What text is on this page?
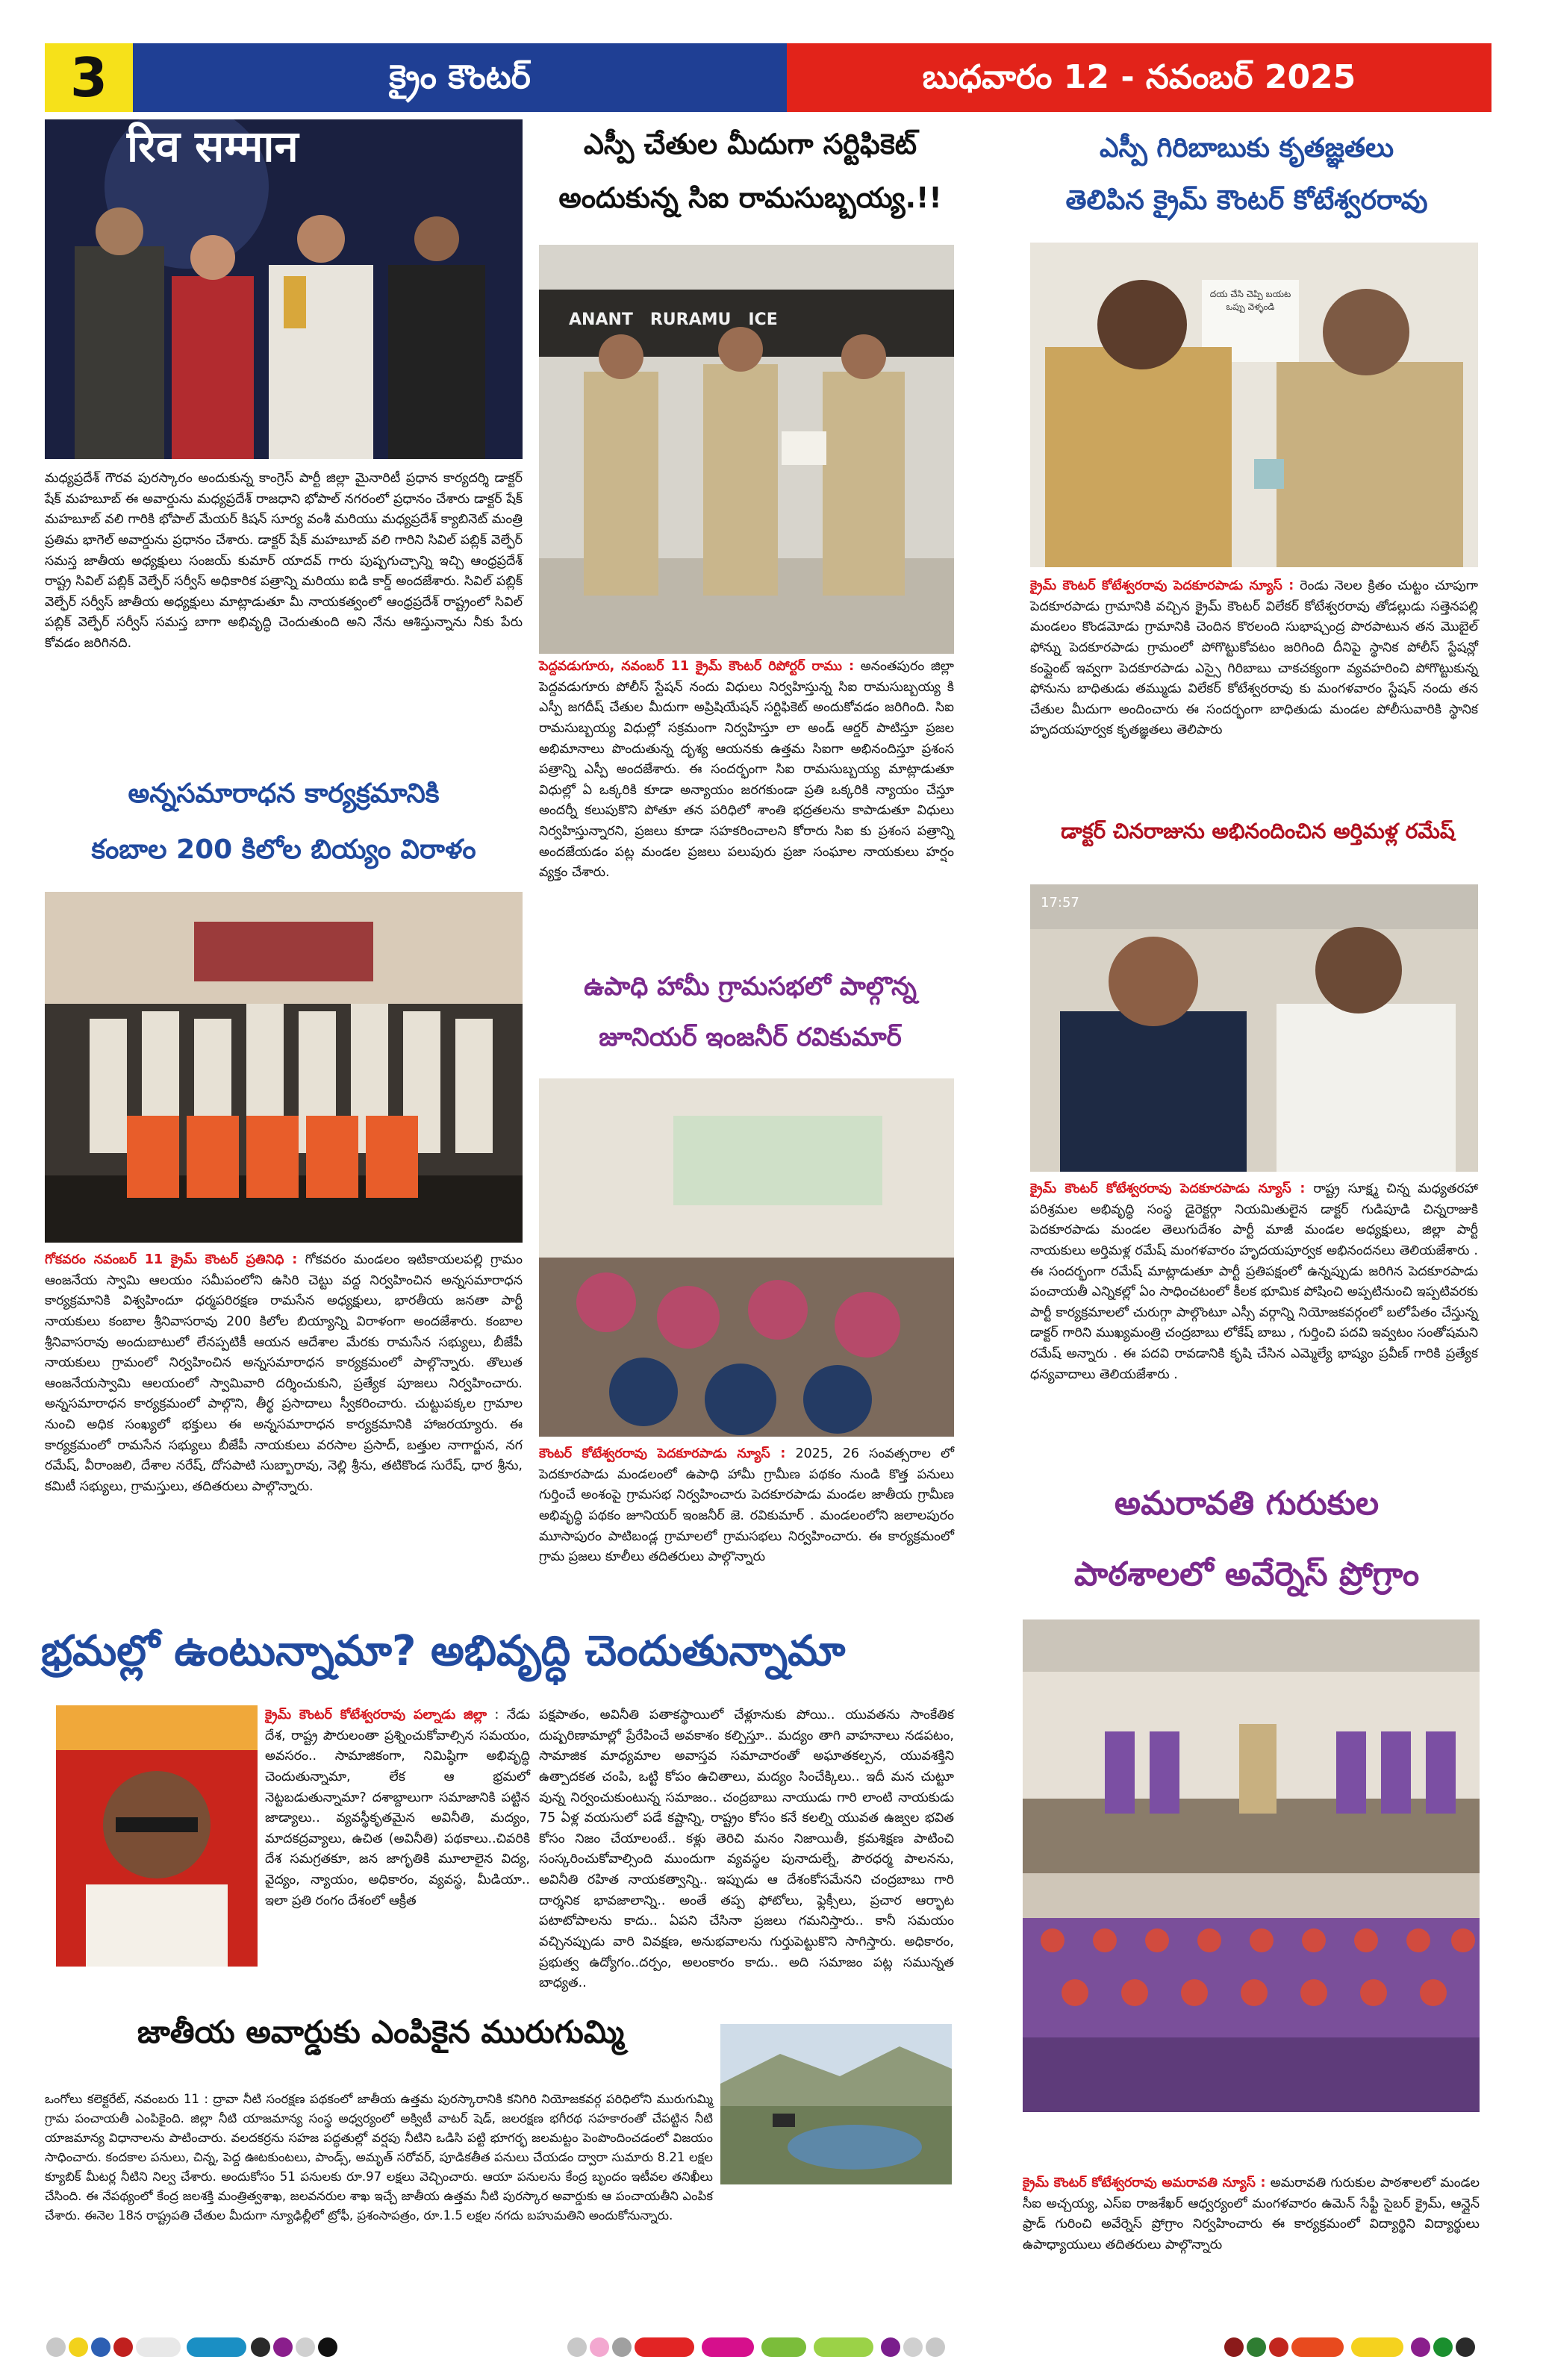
3	క్రైం కౌంటర్	బుధవారం 12 - నవంబర్ 2025
रिव सम्मान
మధ్యప్రదేశ్ గౌరవ పురస్కారం అందుకున్న కాంగ్రెస్ పార్టీ జిల్లా మైనారిటీ ప్రధాన కార్యదర్శి డాక్టర్ షేక్ మహబూబ్ ఈ అవార్డును మధ్యప్రదేశ్ రాజధాని భోపాల్ నగరంలో ప్రధానం చేశారు డాక్టర్ షేక్ మహబూబ్ వలి గారికి భోపాల్ మేయర్ కిషన్ సూర్య వంశీ మరియు మధ్యప్రదేశ్ క్యాబినెట్ మంత్రి ప్రతిమ భాగెల్ అవార్డును ప్రధానం చేశారు. డాక్టర్ షేక్ మహబూబ్ వలి గారిని సివిల్ పబ్లిక్ వెల్ఫేర్ సమస్త జాతీయ అధ్యక్షులు సంజయ్ కుమార్ యాదవ్ గారు పుష్పగుచ్చాన్ని ఇచ్చి ఆంధ్రప్రదేశ్ రాష్ట్ర సివిల్ పబ్లిక్ వెల్ఫేర్ సర్వీస్ అధికారిక పత్రాన్ని మరియు ఐడి కార్డ్ అందజేశారు. సివిల్ పబ్లిక్ వెల్ఫేర్ సర్వీస్ జాతీయ అధ్యక్షులు మాట్లాడుతూ మీ నాయకత్వంలో ఆంధ్రప్రదేశ్ రాష్ట్రంలో సివిల్ పబ్లిక్ వెల్ఫేర్ సర్వీస్ సమస్త బాగా అభివృద్ధి చెందుతుంది అని నేను ఆశిస్తున్నాను నీకు పేరు కోవడం జరిగినది.
అన్నసమారాధన కార్యక్రమానికి
కంబాల 200 కిలోల బియ్యం విరాళం
గోకవరం నవంబర్ 11 క్రైమ్ కౌంటర్ ప్రతినిధి : గోకవరం మండలం ఇటికాయలపల్లి గ్రామం ఆంజనేయ స్వామి ఆలయం సమీపంలోని ఉసిరి చెట్టు వద్ద నిర్వహించిన అన్నసమారాధన కార్యక్రమానికి విశ్వహిందూ ధర్మపరిరక్షణ రామసేన అధ్యక్షులు, భారతీయ జనతా పార్టీ నాయకులు కంబాల శ్రీనివాసరావు 200 కిలోల బియ్యాన్ని విరాళంగా అందజేశారు. కంబాల శ్రీనివాసరావు అందుబాటులో లేనప్పటికీ ఆయన ఆదేశాల మేరకు రామసేన సభ్యులు, బీజేపీ నాయకులు గ్రామంలో నిర్వహించిన అన్నసమారాధన కార్యక్రమంలో పాల్గొన్నారు. తొలుత ఆంజనేయస్వామి ఆలయంలో స్వామివారి దర్శించుకుని, ప్రత్యేక పూజలు నిర్వహించారు. అన్నసమారాధన కార్యక్రమంలో పాల్గొని, తీర్థ ప్రసాదాలు స్వీకరించారు. చుట్టుపక్కల గ్రామాల నుంచి అధిక సంఖ్యలో భక్తులు ఈ అన్నసమారాధన కార్యక్రమానికి హాజరయ్యారు. ఈ కార్యక్రమంలో రామసేన సభ్యులు బీజేపీ నాయకులు వరసాల ప్రసాద్, బత్తుల నాగార్జున, నగ రమేష్, వీరాంజలి, దేశాల నరేష్, దోసపాటి సుబ్బారావు, నెల్లి శ్రీను, తటికొండ సురేష్, ధార శ్రీను, కమిటీ సభ్యులు, గ్రామస్తులు, తదితరులు పాల్గొన్నారు.
ఎస్పీ చేతుల మీదుగా సర్టిఫికెట్
అందుకున్న సిఐ రామసుబ్బయ్య.!!
ANANT   RURAMU   ICE
పెద్దవడుగూరు, నవంబర్ 11 క్రైమ్ కౌంటర్ రిపోర్టర్ రాము : అనంతపురం జిల్లా పెద్దవడుగూరు పోలీస్ స్టేషన్ నందు విధులు నిర్వహిస్తున్న సిఐ రామసుబ్బయ్య కి ఎస్పీ జగదీష్ చేతుల మీదుగా అప్రిషియేషన్ సర్టిఫికెట్ అందుకోవడం జరిగింది. సిఐ రామసుబ్బయ్య విధుల్లో సక్రమంగా నిర్వహిస్తూ లా అండ్ ఆర్డర్ పాటిస్తూ ప్రజల అభిమానాలు పొందుతున్న దృశ్య ఆయనకు ఉత్తమ సిఐగా అభినందిస్తూ ప్రశంస పత్రాన్ని ఎస్పీ అందజేశారు. ఈ సందర్భంగా సిఐ రామసుబ్బయ్య మాట్లాడుతూ విధుల్లో ఏ ఒక్కరికి కూడా అన్యాయం జరగకుండా ప్రతి ఒక్కరికి న్యాయం చేస్తూ అందర్నీ కలుపుకొని పోతూ తన పరిధిలో శాంతి భద్రతలను కాపాడుతూ విధులు నిర్వహిస్తున్నారని, ప్రజలు కూడా సహకరించాలని కోరారు సిఐ కు ప్రశంస పత్రాన్ని అందజేయడం పట్ల మండల ప్రజలు పలుపురు ప్రజా సంఘాల నాయకులు హర్షం వ్యక్తం చేశారు.
ఉపాధి హామీ గ్రామసభలో పాల్గొన్న
జూనియర్ ఇంజనీర్ రవికుమార్
కౌంటర్ కోటేశ్వరరావు పెదకూరపాడు న్యూస్ : 2025, 26 సంవత్సరాల లో పెదకూరపాడు మండలంలో ఉపాధి హామీ గ్రామీణ పథకం నుండి కొత్త పనులు గుర్తించే అంశంపై గ్రామసభ నిర్వహించారు పెదకూరపాడు మండల జాతీయ గ్రామీణ అభివృద్ధి పథకం జూనియర్ ఇంజనీర్ జె. రవికుమార్ . మండలంలోని జలాలపురం మూసాపురం పాటిబండ్ల గ్రామాలలో గ్రామసభలు నిర్వహించారు. ఈ కార్యక్రమంలో గ్రామ ప్రజలు కూలీలు తదితరులు పాల్గొన్నారు
ఎస్పీ గిరిబాబుకు కృతజ్ఞతలు
తెలిపిన క్రైమ్ కౌంటర్ కోటేశ్వరరావు
దయ చేసి చెప్పి బయట ఒప్పు వెళ్ళండి
క్రైమ్ కౌంటర్ కోటేశ్వరరావు పెదకూరపాడు న్యూస్ : రెండు నెలల క్రితం చుట్టం చూపుగా పెదకూరపాడు గ్రామానికి వచ్చిన క్రైమ్ కౌంటర్ విలేకర్ కోటేశ్వరరావు తోడల్లుడు సత్తెనపల్లి మండలం కొండమోడు గ్రామానికి చెందిన కొరలంది సుభాష్చంద్ర పొరపాటున తన మొబైల్ ఫోన్ను పెదకూరపాడు గ్రామంలో పోగొట్టుకోవటం జరిగింది దీనిపై స్థానిక పోలీస్ స్టేషన్లో కంప్లైంట్ ఇవ్వగా పెదకూరపాడు ఎస్సై గిరిబాబు చాకచక్యంగా వ్యవహరించి పోగొట్టుకున్న ఫోనును బాధితుడు తమ్ముడు విలేకర్ కోటేశ్వరరావు కు మంగళవారం స్టేషన్ నందు తన చేతుల మీదుగా అందించారు ఈ సందర్భంగా బాధితుడు మండల పోలీసువారికి స్థానిక హృదయపూర్వక కృతజ్ఞతలు తెలిపారు
డాక్టర్ చినరాజును అభినందించిన అర్తిమళ్ల రమేష్
17:57
క్రైమ్ కౌంటర్ కోటేశ్వరరావు పెదకూరపాడు న్యూస్ : రాష్ట్ర సూక్ష్మ చిన్న మధ్యతరహా పరిశ్రమల అభివృద్ధి సంస్థ డైరెక్టర్గా నియమితులైన డాక్టర్ గుడిపూడి చిన్నరాజుకి పెదకూరపాడు మండల తెలుగుదేశం పార్టీ మాజీ మండల అధ్యక్షులు, జిల్లా పార్టీ నాయకులు అర్తిమళ్ల రమేష్ మంగళవారం హృదయపూర్వక అభినందనలు తెలియజేశారు . ఈ సందర్భంగా రమేష్ మాట్లాడుతూ పార్టీ ప్రతిపక్షంలో ఉన్నప్పుడు జరిగిన పెదకూరపాడు పంచాయతీ ఎన్నికల్లో ఏం సాధించటంలో కీలక భూమిక పోషించి అప్పటినుంచి ఇప్పటివరకు పార్టీ కార్యక్రమాలలో చురుగ్గా పాల్గొంటూ ఎస్సీ వర్గాన్ని నియోజకవర్గంలో బలోపేతం చేస్తున్న డాక్టర్ గారిని ముఖ్యమంత్రి చంద్రబాబు లోకేష్ బాబు , గుర్తించి పదవి ఇవ్వటం సంతోషమని రమేష్ అన్నారు . ఈ పదవి రావడానికి కృషి చేసిన ఎమ్మెల్యే భాష్యం ప్రవీణ్ గారికి ప్రత్యేక ధన్యవాదాలు తెలియజేశారు .
అమరావతి గురుకుల
పాఠశాలలో అవేర్నెస్ ప్రోగ్రాం
క్రైమ్ కౌంటర్ కోటేశ్వరరావు అమరావతి న్యూస్ : అమరావతి గురుకుల పాఠశాలలో మండల సీఐ అచ్చయ్య, ఎస్ఐ రాజశేఖర్ ఆధ్వర్యంలో మంగళవారం ఉమెన్ సేఫ్టీ సైబర్ క్రైమ్, ఆన్లైన్ ఫ్రాడ్ గురించి అవేర్నెస్ ప్రోగ్రాం నిర్వహించారు ఈ కార్యక్రమంలో విద్యార్థిని విద్యార్థులు ఉపాధ్యాయులు తదితరులు పాల్గొన్నారు
భ్రమల్లో ఉంటున్నామా? అభివృద్ధి చెందుతున్నామా
క్రైమ్ కౌంటర్ కోటేశ్వరరావు పల్నాడు జిల్లా : నేడు దేశ, రాష్ట్ర పౌరులంతా ప్రశ్నించుకోవాల్సిన సమయం, అవసరం.. సామాజికంగా, నిమిష్ఠిగా అభివృద్ధి చెందుతున్నామా, లేక ఆ భ్రమలో నెట్టబడుతున్నామా? దశాబ్దాలుగా సమాజానికి పట్టిన జాడ్యాలు.. వ్యవస్థీకృతమైన అవినీతి, మద్యం, మాదకద్రవ్యాలు, ఉచిత (అవినీతి) పథకాలు..చివరికి దేశ సమగ్రతకూ, జన జాగృతికి మూలాలైన విద్య, వైద్యం, న్యాయం, అధికారం, వ్యవస్థ, మీడియా.. ఇలా ప్రతి రంగం దేశంలో ఆక్రీత
పక్షపాతం, అవినీతి పతాకస్థాయిలో చేళ్లూనుకు పోయి.. యువతను సాంకేతిక దుష్పరిణామాల్లో ప్రేరేపించే అవకాశం కల్పిస్తూ.. మద్యం తాగి వాహనాలు నడపటం, సామాజిక మాధ్యమాల అవాస్తవ సమాచారంతో అఘాతకల్పన, యువశక్తిని ఉత్పాదకత చంపి, ఒట్టి కోపం ఉచితాలు, మద్యం సించేక్కిలు.. ఇదీ మన చుట్టూ వున్న నిర్వంచుకుంటున్న సమాజం.. చంద్రబాబు నాయుడు గారి లాంటి నాయకుడు 75 ఏళ్ల వయసులో పడే కష్టాన్ని, రాష్ట్రం కోసం కనే కలల్ని యువత ఉజ్వల భవిత కోసం నిజం చేయాలంటే.. కళ్లు తెరిచి మనం నిజాయితీ, క్రమశిక్షణ పాటించి సంస్కరించుకోవాల్సింది ముందుగా వ్యవస్థల పునాదుల్నే, పౌరధర్మ పాలనను, అవినీతి రహిత నాయకత్వాన్ని.. ఇప్పుడు ఆ దేశంకోసమేనని చంద్రబాబు గారి దార్శనిక భావజాలాన్ని.. అంతే తప్ప ఫోటోలు, ఫ్లెక్సీలు, ప్రచార ఆర్భాట పటాటోపాలను కాదు.. ఏపని చేసినా ప్రజలు గమనిస్తారు.. కానీ సమయం వచ్చినప్పుడు వారి వివక్షణ, అనుభవాలను గుర్తుపెట్టుకొని సాగిస్తారు. అధికారం, ప్రభుత్వ ఉద్యోగం..దర్పం, అలంకారం కాదు.. అది సమాజం పట్ల సమున్నత బాధ్యత..
జాతీయ అవార్డుకు ఎంపికైన మురుగుమ్మి
ఒంగోలు కలెక్టరేట్, నవంబరు 11 : ద్రావా నీటి సంరక్షణ పథకంలో జాతీయ ఉత్తమ పురస్కారానికి కనిగిరి నియోజకవర్గ పరిధిలోని మురుగుమ్మి గ్రామ పంచాయతీ ఎంపికైంది. జిల్లా నీటి యాజమాన్య సంస్థ అధ్వర్యంలో అక్విటీ వాటర్ షెడ్, జలరక్షణ భగీరథ సహకారంతో చేపట్టిన నీటి యాజమాన్య విధానాలను పాటించారు. వలదకర్రను సహజ పద్ధతుల్లో వర్షపు నీటిని ఒడిసి పట్టి భూగర్భ జలమట్టం పెంపొందించడంలో విజయం సాధించారు. కందకాల పనులు, చిన్న, పెద్ద ఊటకుంటలు, పాండ్స్, అమృత్ సరోవర్, పూడికతీత పనులు చేయడం ద్వారా సుమారు 8.21 లక్షల క్యూబిక్ మీటర్ల నీటిని నిల్వ చేశారు. అందుకోసం 51 పనులకు రూ.97 లక్షలు వెచ్చించారు. ఆయా పనులను కేంద్ర బృందం ఇటీవల తనిఖీలు చేసింది. ఈ నేపథ్యంలో కేంద్ర జలశక్తి మంత్రిత్వశాఖ, జలవనరుల శాఖ ఇచ్చే జాతీయ ఉత్తమ నీటి పురస్కార అవార్డుకు ఆ పంచాయతీని ఎంపిక చేశారు. ఈనెల 18న రాష్ట్రపతి చేతుల మీదుగా న్యూఢిల్లీలో ట్రోఫీ, ప్రశంసాపత్రం, రూ.1.5 లక్షల నగదు బహుమతిని అందుకోనున్నారు.
